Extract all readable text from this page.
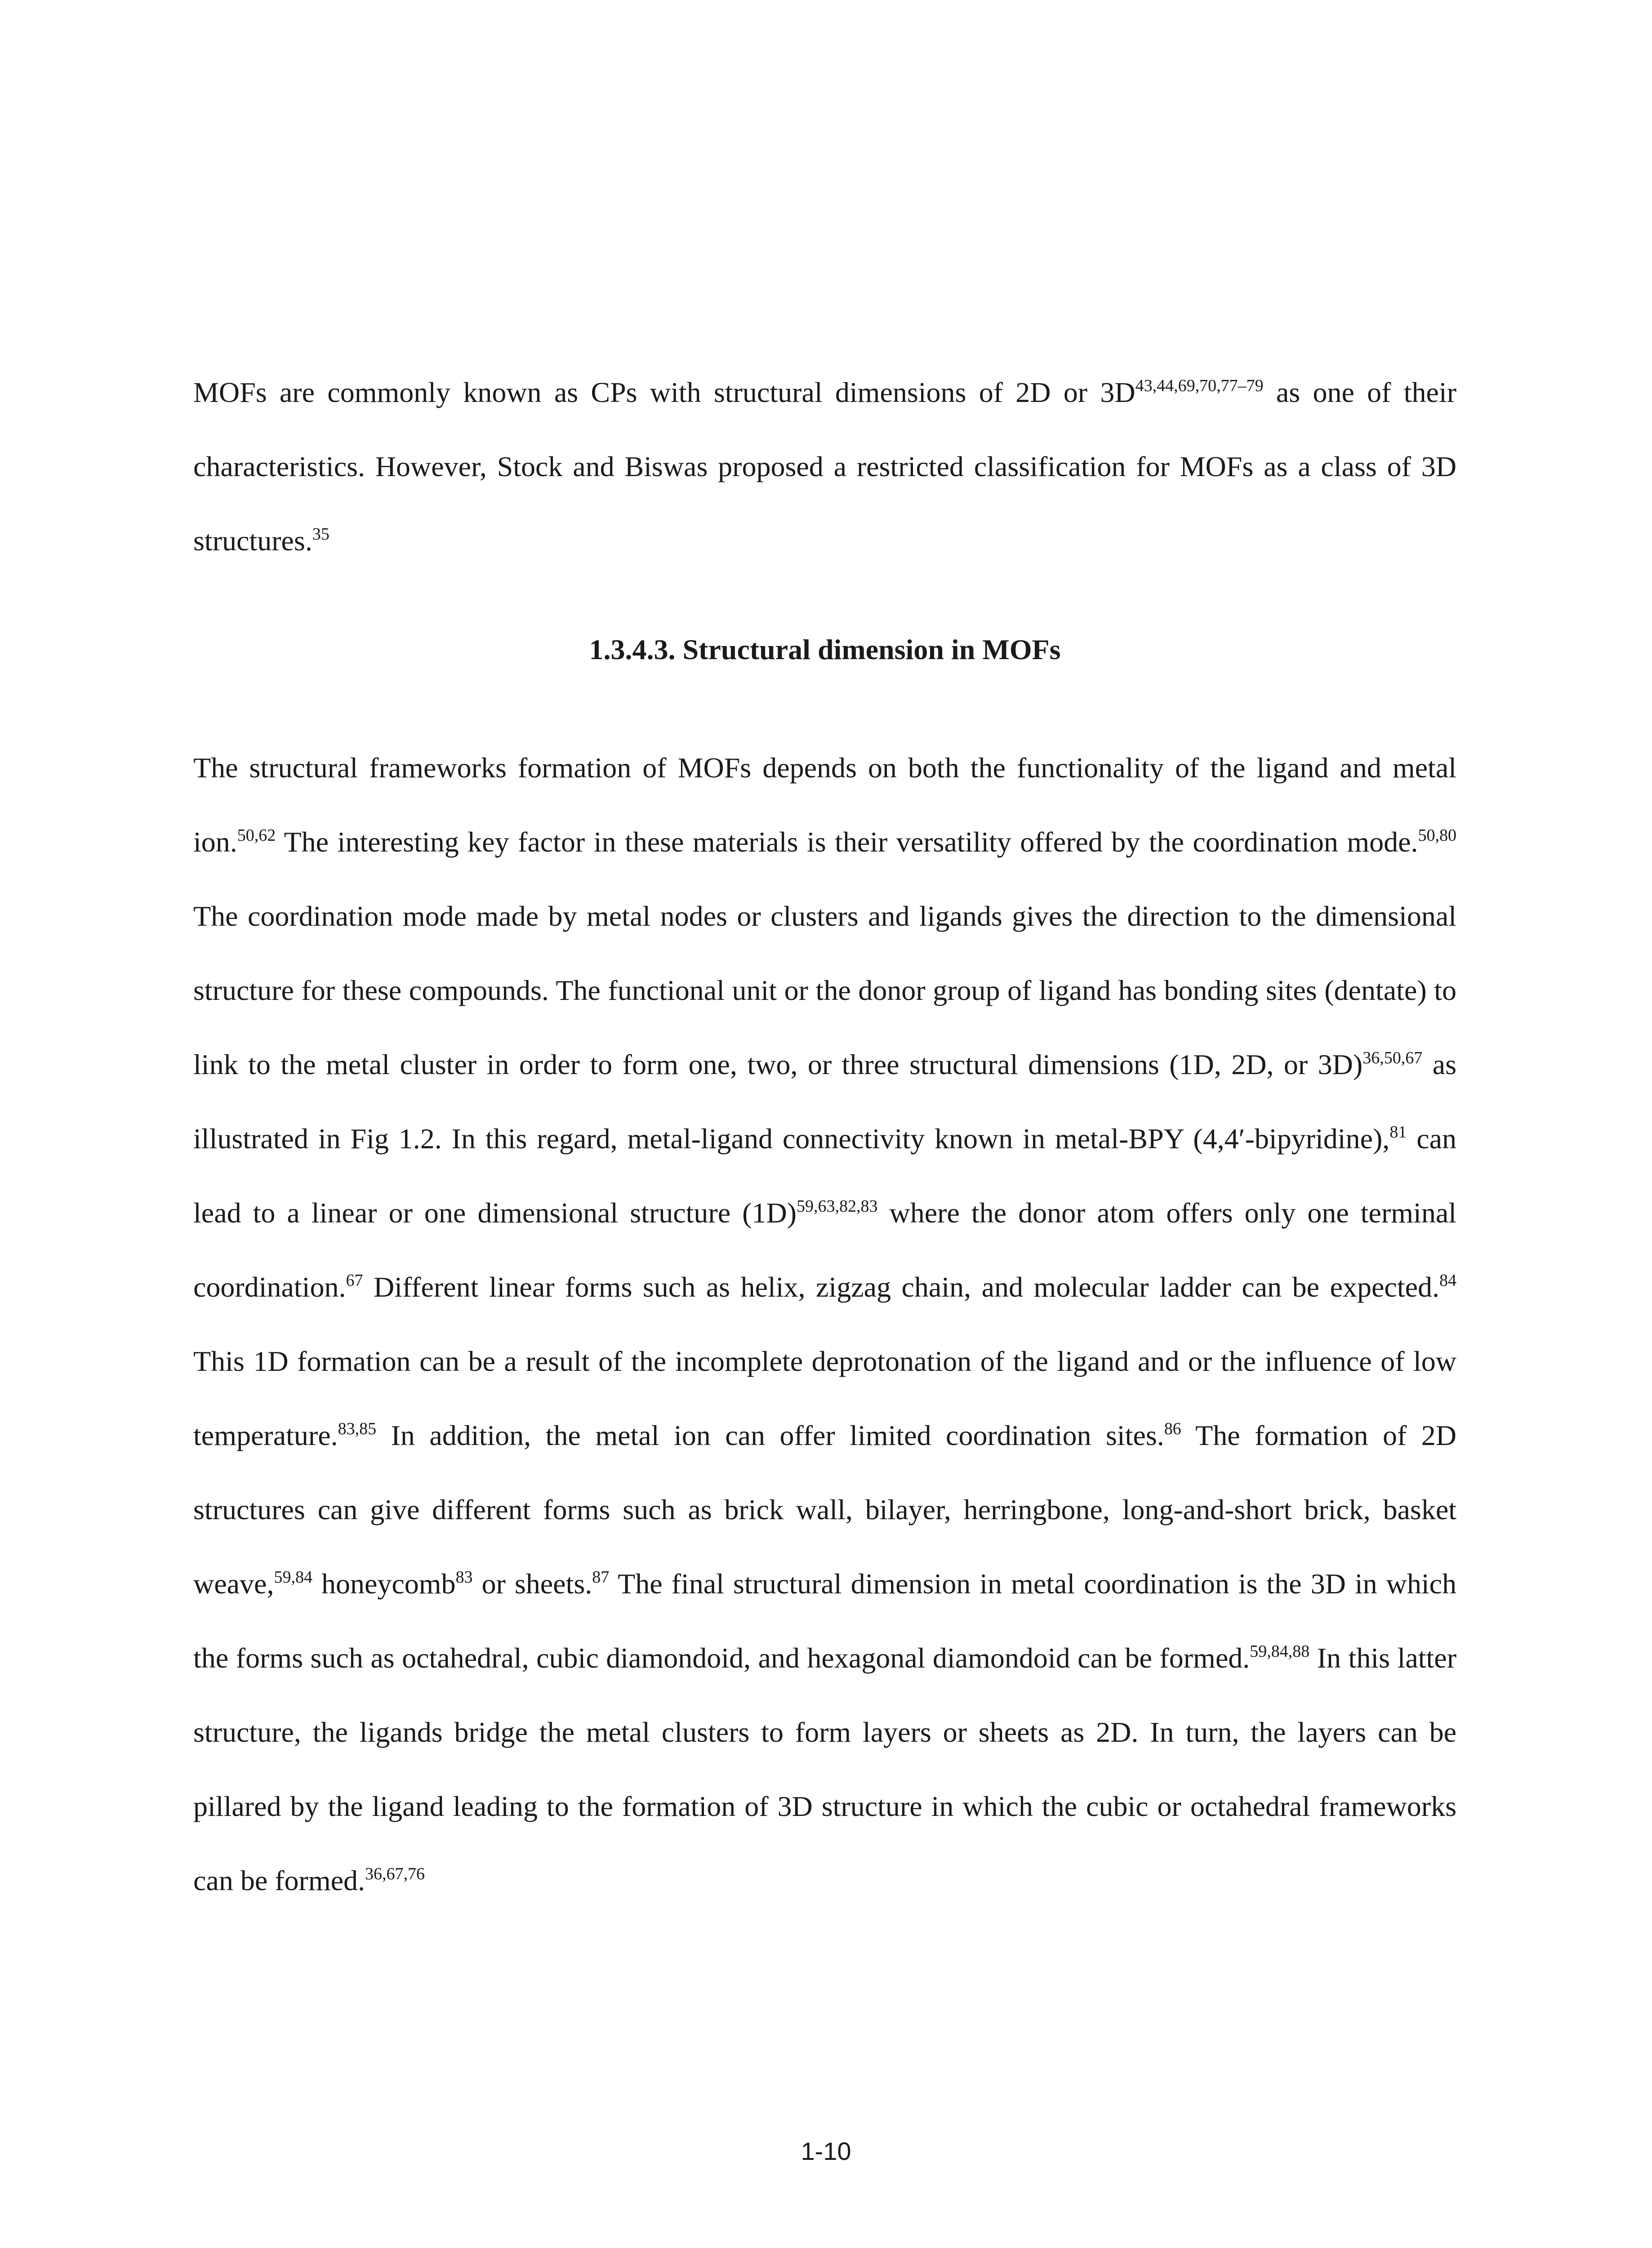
MOFs are commonly known as CPs with structural dimensions of 2D or $3D^{43,44,69,70,77-79}$ as one of their characteristics. However, Stock and Biswas proposed a restricted classification for MOFs as a class of 3D structures.$^{35}$

1.3.4.3. Structural dimension in MOFs

The structural frameworks formation of MOFs depends on both the functionality of the ligand and metal ion.$^{50,62}$ The interesting key factor in these materials is their versatility offered by the coordination mode.$^{50,80}$ The coordination mode made by metal nodes or clusters and ligands gives the direction to the dimensional structure for these compounds. The functional unit or the donor group of ligand has bonding sites (dentate) to link to the metal cluster in order to form one, two, or three structural dimensions (1D, 2D, or 3D)$^{36,50,67}$ as illustrated in Fig 1.2. In this regard, metal-ligand connectivity known in metal-BPY (4,4′-bipyridine),$^{81}$ can lead to a linear or one dimensional structure $(1D)^{59,63,82,83}$ where the donor atom offers only one terminal coordination.$^{67}$ Different linear forms such as helix, zigzag chain, and molecular ladder can be expected.$^{84}$ This 1D formation can be a result of the incomplete deprotonation of the ligand and or the influence of low temperature.$^{83,85}$ In addition, the metal ion can offer limited coordination sites.$^{86}$ The formation of 2D structures can give different forms such as brick wall, bilayer, herringbone, long-and-short brick, basket weave,$^{59,84}$ honeycomb$^{83}$ or sheets.$^{87}$ The final structural dimension in metal coordination is the 3D in which the forms such as octahedral, cubic diamondoid, and hexagonal diamondoid can be formed.$^{59,84,88}$ In this latter structure, the ligands bridge the metal clusters to form layers or sheets as 2D. In turn, the layers can be pillared by the ligand leading to the formation of 3D structure in which the cubic or octahedral frameworks can be formed.$^{36,67,76}$

1-10
